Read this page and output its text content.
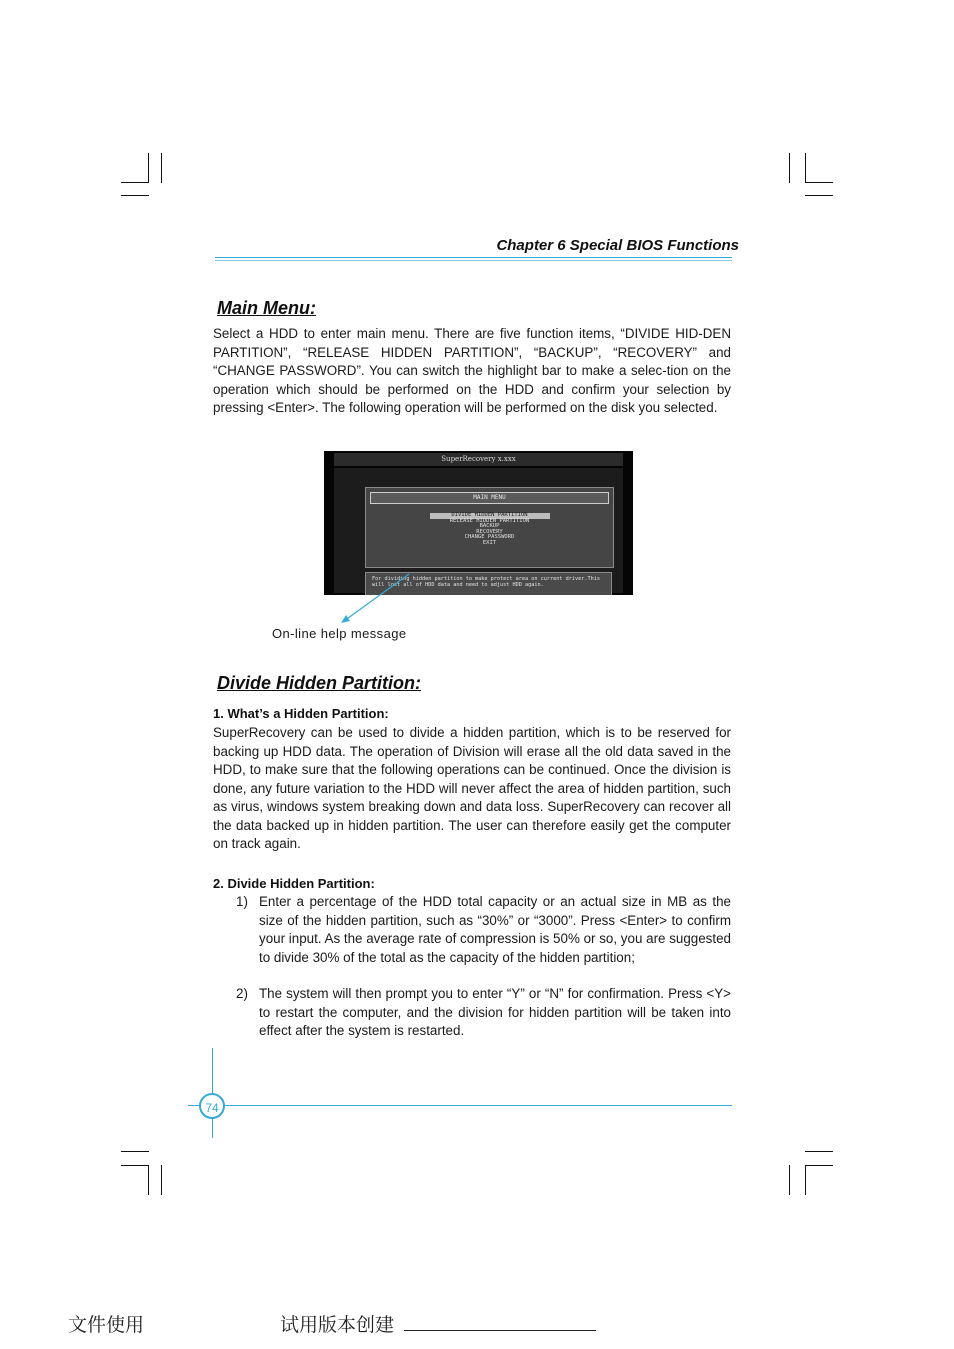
Chapter 6 Special BIOS Functions
Main Menu:

Select a HDD to enter main menu. There are five function items, “DIVIDE HID-DEN PARTITION”, “RELEASE HIDDEN PARTITION”, “BACKUP”, “RECOVERY” and “CHANGE PASSWORD”. You can switch the highlight bar to make a selec-tion on the operation which should be performed on the HDD and confirm your selection by pressing <Enter>. The following operation will be performed on the disk you selected.

SuperRecovery x.xxx
MAIN MENU
DIVIDE HIDDEN PARTITION
RELEASE HIDDEN PARTITION
BACKUP
RECOVERY
CHANGE PASSWORD
EXIT

For dividing hidden partition to make protect area on current driver.This will lost all of HDD data and need to adjust HDD again.

On-line help message
Divide Hidden Partition:
1. What’s a Hidden Partition:

SuperRecovery can be used to divide a hidden partition, which is to be reserved for backing up HDD data. The operation of Division will erase all the old data saved in the HDD, to make sure that the following operations can be continued. Once the division is done, any future variation to the HDD will never affect the area of hidden partition, such as virus, windows system breaking down and data loss. SuperRecovery can recover all the data backed up in hidden partition. The user can therefore easily get the computer on track again.

2. Divide Hidden Partition:
1) Enter a percentage of the HDD total capacity or an actual size in MB as the size of the hidden partition, such as “30%” or “3000”. Press <Enter> to confirm your input. As the average rate of compression is 50% or so, you are suggested to divide 30% of the total as the capacity of the hidden partition;

2) The system will then prompt you to enter “Y” or “N” for confirmation. Press <Y> to restart the computer, and the division for hidden partition will be taken into effect after the system is restarted.

74
文件使用	试用版本创建
